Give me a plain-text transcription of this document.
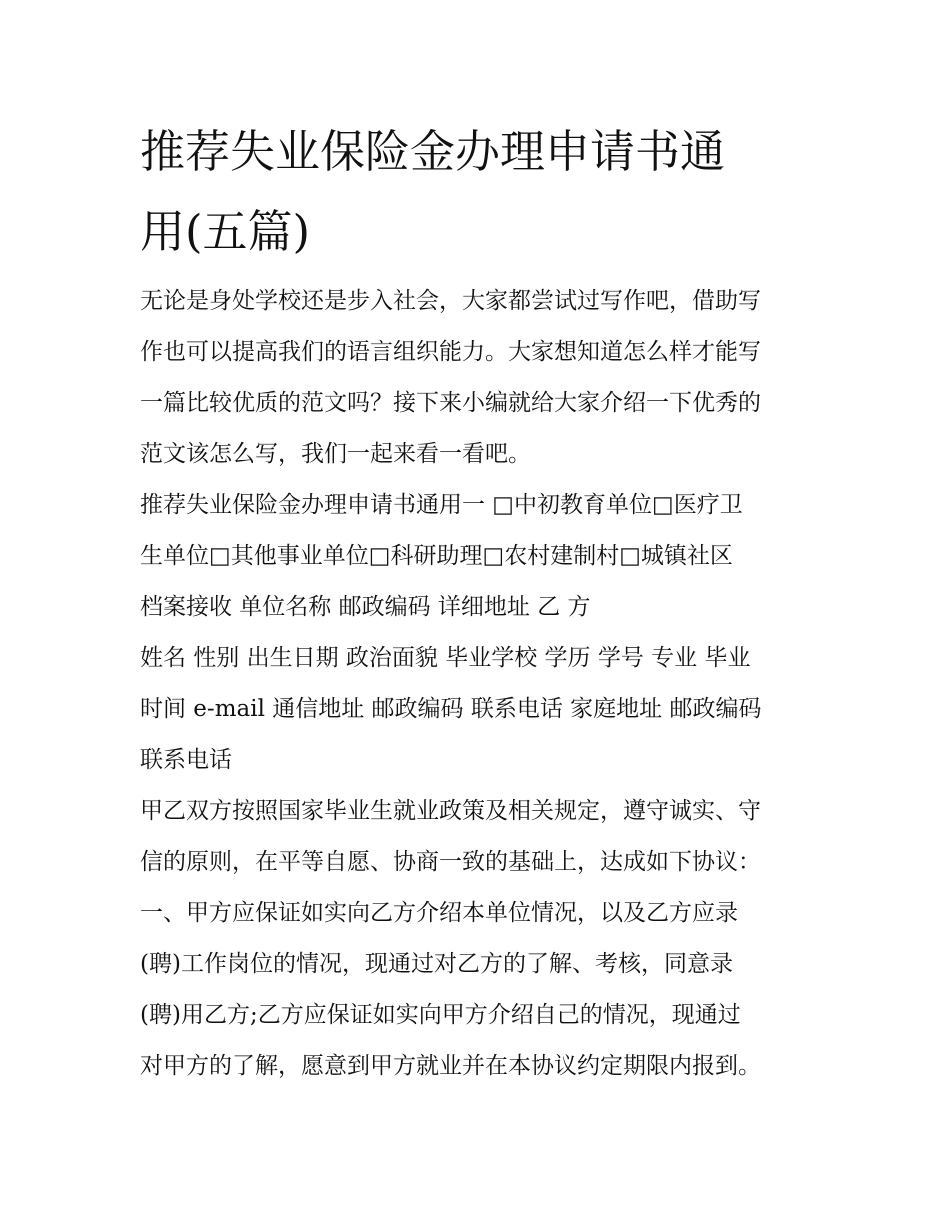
推荐失业保险金办理申请书通
用(五篇)

无论是身处学校还是步入社会，大家都尝试过写作吧，借助写

作也可以提高我们的语言组织能力。大家想知道怎么样才能写

一篇比较优质的范文吗？接下来小编就给大家介绍一下优秀的

范文该怎么写，我们一起来看一看吧。

推荐失业保险金办理申请书通用一 □中初教育单位□医疗卫

生单位□其他事业单位□科研助理□农村建制村□城镇社区

档案接收 单位名称 邮政编码 详细地址 乙 方

姓名 性别 出生日期 政治面貌 毕业学校 学历 学号 专业 毕业

时间 e-mail 通信地址 邮政编码 联系电话 家庭地址 邮政编码

联系电话

甲乙双方按照国家毕业生就业政策及相关规定，遵守诚实、守

信的原则，在平等自愿、协商一致的基础上，达成如下协议：

一、甲方应保证如实向乙方介绍本单位情况，以及乙方应录

(聘)工作岗位的情况，现通过对乙方的了解、考核，同意录

(聘)用乙方;乙方应保证如实向甲方介绍自己的情况，现通过

对甲方的了解，愿意到甲方就业并在本协议约定期限内报到。
